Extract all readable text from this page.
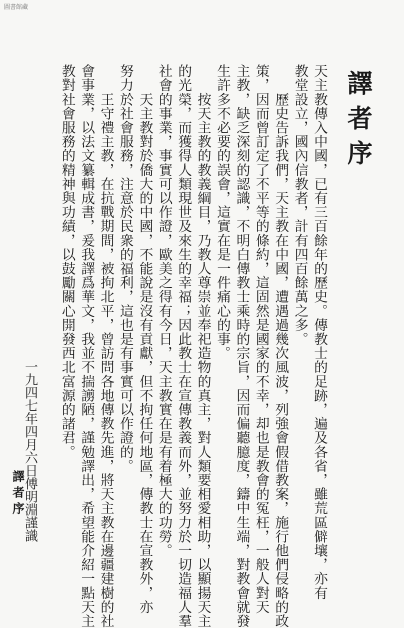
圖書館藏
譯者序
天主教傳入中國，已有三百餘年的歷史。傳教士的足跡，遍及各省，雖荒區僻壤，亦有
教堂設立，國內信教者，計有四百餘萬之多。
　　歷史告訴我們，天主教在中國，遭遇過幾次風波，列強會假借教案，施行他們侵略的政
策，因而曾訂定了不平等的條約，這固然是國家的不幸，却也是教會的冤枉，一般人對天
主教，缺乏深刻的認識，不明白傳教士乘時的宗旨，因而偏聽臆度，鑄中生端，對教會就發
生許多不必要的誤會，這實在是一件痛心的事。
　　按天主教的教義綱目，乃教人尊崇並奉祀造物的真主，對人類要相愛相助，以顯揚天主
的光榮，而獲得人類現世及來生的幸福；因此教士在宣傳教義而外，並努力於一切造福人羣
社會的事業，事實可以作證，歐美之得有今日，天主教實在是有着極大的功勞。
　　天主教對於僑大的中國，不能說是沒有貢獻，但不拘任何地區，傳教士在宣教外，亦
努力於社會服務，注意於民衆的福利，這也是有事實可以作證的。
　　王守禮主教，在抗戰期間，被拘北平，曾訪問各地傳教先進，將天主教在邊疆建樹的社
會事業，以法文纂輯成書，爰我譯爲華文，我並不揣謭陋，謹勉譯出，希望能介紹一點天主
教對社會服務的精神與功績，以鼓勵關心開發西北富源的諸君。
一九四七年四月六日傅明淵謹識
譯者序
